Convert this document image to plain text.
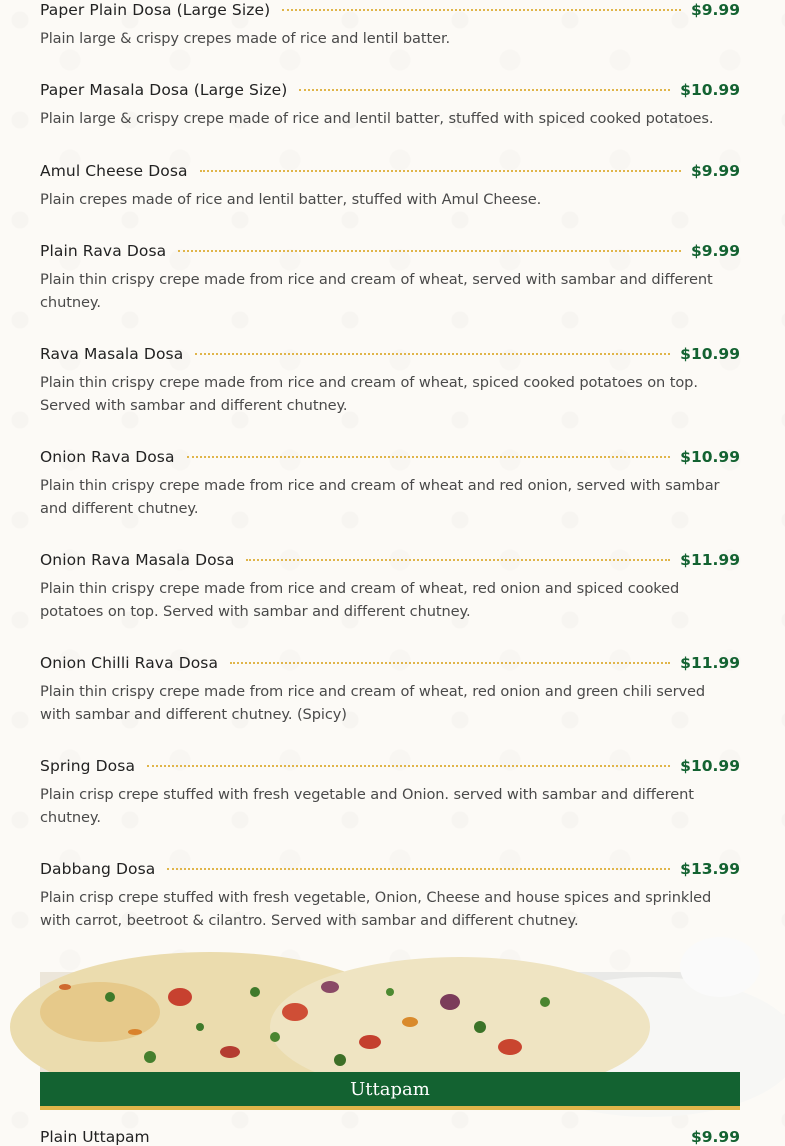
Paper Plain Dosa (Large Size)	$9.99
Plain large & crispy crepes made of rice and lentil batter.
Paper Masala Dosa (Large Size)	$10.99
Plain large & crispy crepe made of rice and lentil batter, stuffed with spiced cooked potatoes.
Amul Cheese Dosa	$9.99
Plain crepes made of rice and lentil batter, stuffed with Amul Cheese.
Plain Rava Dosa	$9.99
Plain thin crispy crepe made from rice and cream of wheat, served with sambar and different chutney.
Rava Masala Dosa	$10.99
Plain thin crispy crepe made from rice and cream of wheat, spiced cooked potatoes on top. Served with sambar and different chutney.
Onion Rava Dosa	$10.99
Plain thin crispy crepe made from rice and cream of wheat and red onion, served with sambar and different chutney.
Onion Rava Masala Dosa	$11.99
Plain thin crispy crepe made from rice and cream of wheat, red onion and spiced cooked potatoes on top. Served with sambar and different chutney.
Onion Chilli Rava Dosa	$11.99
Plain thin crispy crepe made from rice and cream of wheat, red onion and green chili served with sambar and different chutney. (Spicy)
Spring Dosa	$10.99
Plain crisp crepe stuffed with fresh vegetable and Onion. served with sambar and different chutney.
Dabbang Dosa	$13.99
Plain crisp crepe stuffed with fresh vegetable, Onion, Cheese and house spices and sprinkled with carrot, beetroot & cilantro. Served with sambar and different chutney.
Uttapam
Plain Uttapam	$9.99
